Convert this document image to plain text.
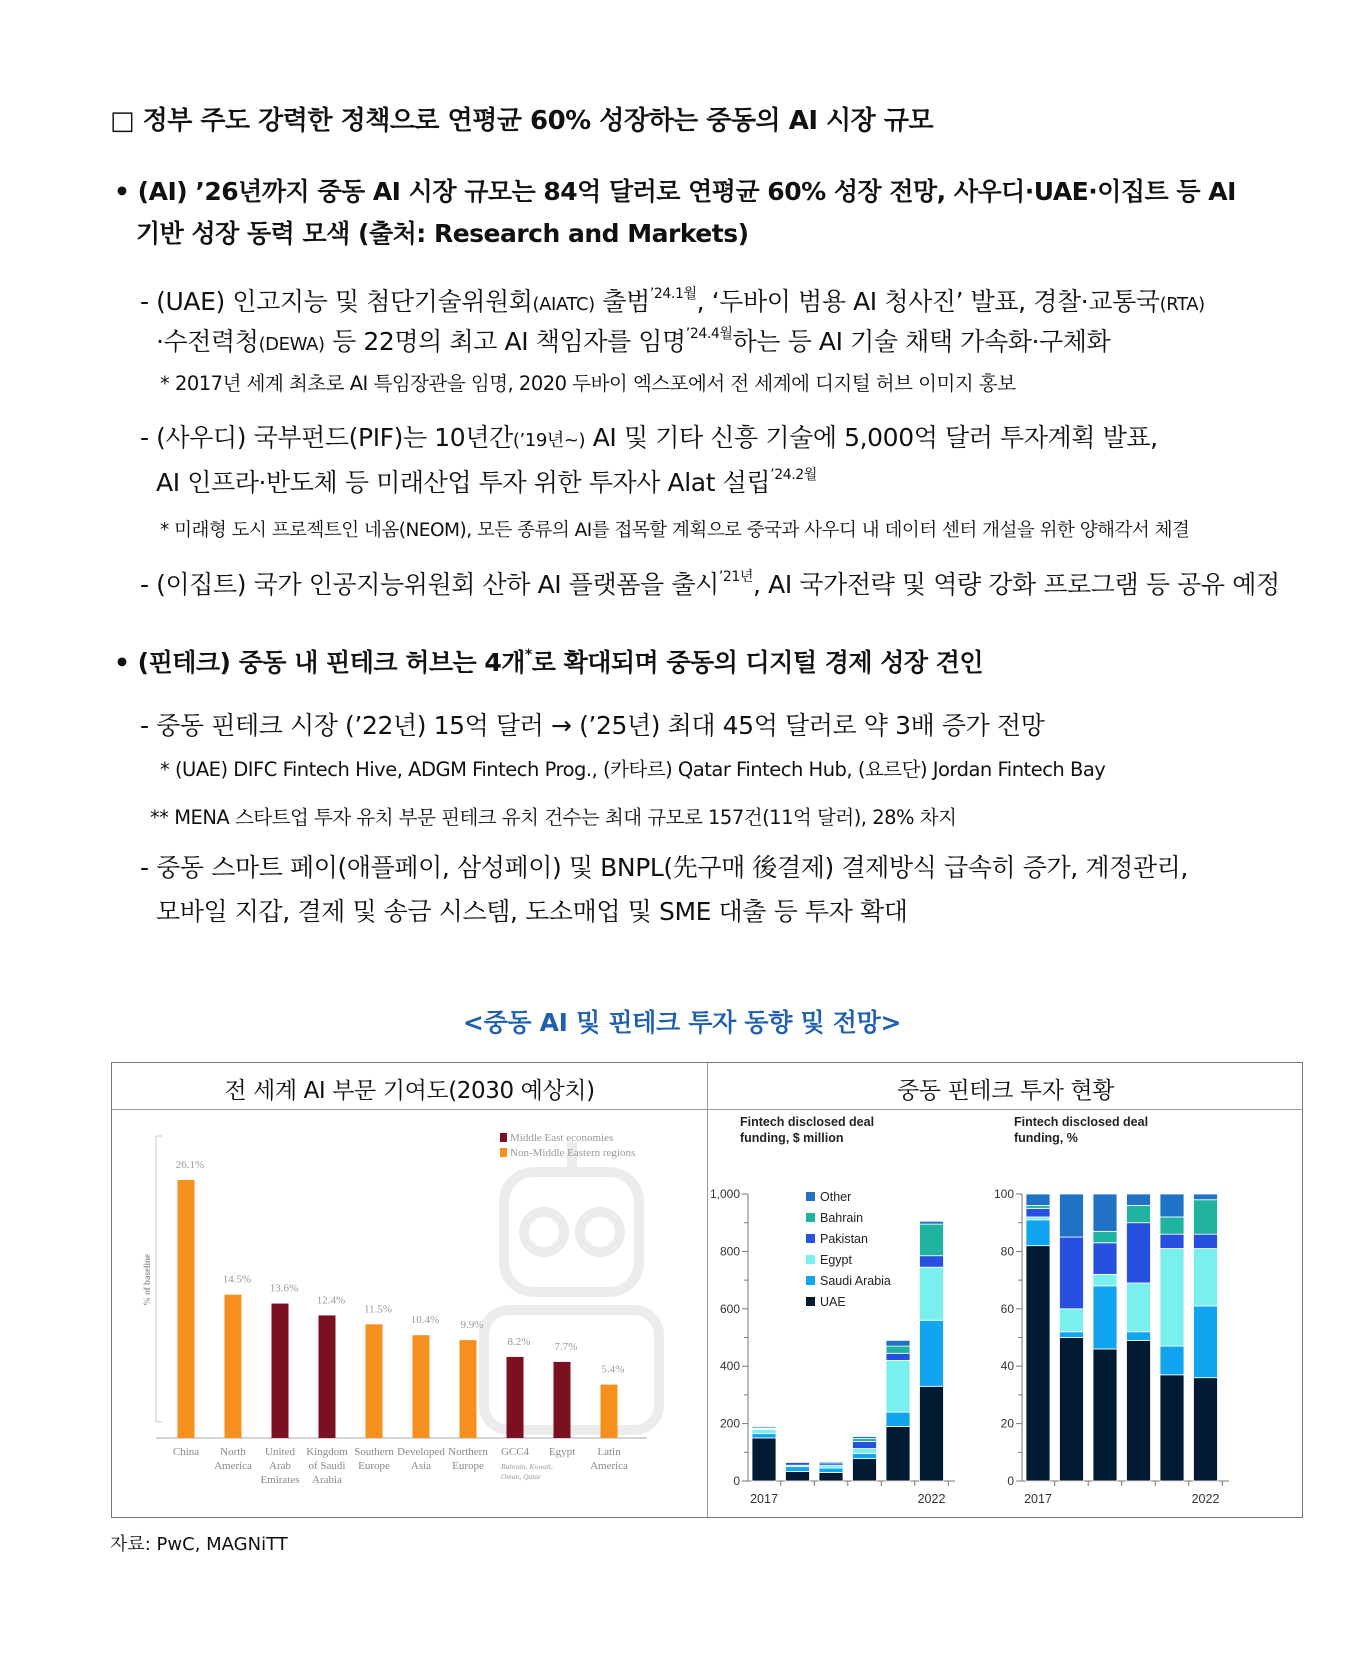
□ 정부 주도 강력한 정책으로 연평균 60% 성장하는 중동의 AI 시장 규모
• (AI) ’26년까지 중동 AI 시장 규모는 84억 달러로 연평균 60% 성장 전망, 사우디·UAE·이집트 등 AI
기반 성장 동력 모색 (출처: Research and Markets)
- (UAE) 인고지능 및 첨단기술위원회(AIATC) 출범$^{’24.1월}$, ‘두바이 범용 AI 청사진’ 발표, 경찰·교통국(RTA)
·수전력청(DEWA) 등 22명의 최고 AI 책임자를 임명$^{’24.4월}$하는 등 AI 기술 채택 가속화·구체화
* 2017년 세계 최초로 AI 특임장관을 임명, 2020 두바이 엑스포에서 전 세계에 디지털 허브 이미지 홍보
- (사우디) 국부펀드(PIF)는 10년간(’19년~) AI 및 기타 신흥 기술에 5,000억 달러 투자계획 발표,
AI 인프라·반도체 등 미래산업 투자 위한 투자사 Alat 설립$^{’24.2월}$
* 미래형 도시 프로젝트인 네옴(NEOM), 모든 종류의 AI를 접목할 계획으로 중국과 사우디 내 데이터 센터 개설을 위한 양해각서 체결
- (이집트) 국가 인공지능위원회 산하 AI 플랫폼을 출시$^{’21년}$, AI 국가전략 및 역량 강화 프로그램 등 공유 예정
• (핀테크) 중동 내 핀테크 허브는 4개*로 확대되며 중동의 디지털 경제 성장 견인
- 중동 핀테크 시장 (’22년) 15억 달러 → (’25년) 최대 45억 달러로 약 3배 증가 전망
* (UAE) DIFC Fintech Hive, ADGM Fintech Prog., (카타르) Qatar Fintech Hub, (요르단) Jordan Fintech Bay
** MENA 스타트업 투자 유치 부문 핀테크 유치 건수는 최대 규모로 157건(11억 달러), 28% 차지
- 중동 스마트 페이(애플페이, 삼성페이) 및 BNPL(先구매 後결제) 결제방식 급속히 증가, 계정관리,
모바일 지갑, 결제 및 송금 시스템, 도소매업 및 SME 대출 등 투자 확대
<중동 AI 및 핀테크 투자 동향 및 전망>
전 세계 AI 부문 기여도(2030 예상치)	중동 핀테크 투자 현황
% of baseline
Middle East economies
Non-Middle Eastern regions
26.1%
China
14.5%
North
America
13.6%
United
Arab
Emirates
12.4%
Kingdom
of Saudi
Arabia
11.5%
Southern
Europe
10.4%
Developed
Asia
9.9%
Northern
Europe
8.2%
GCC4
7.7%
Egypt
5.4%
Latin
America
Bahrain, Kuwait,
Oman, Qatar
Fintech disclosed deal
funding, $ million
0
200
400
600
800
1,000
2017	2022
Other
Bahrain
Pakistan
Egypt
Saudi Arabia
UAE
Fintech disclosed deal
funding, %
0
20
40
60
80
100
2017	2022
자료: PwC, MAGNiTT
